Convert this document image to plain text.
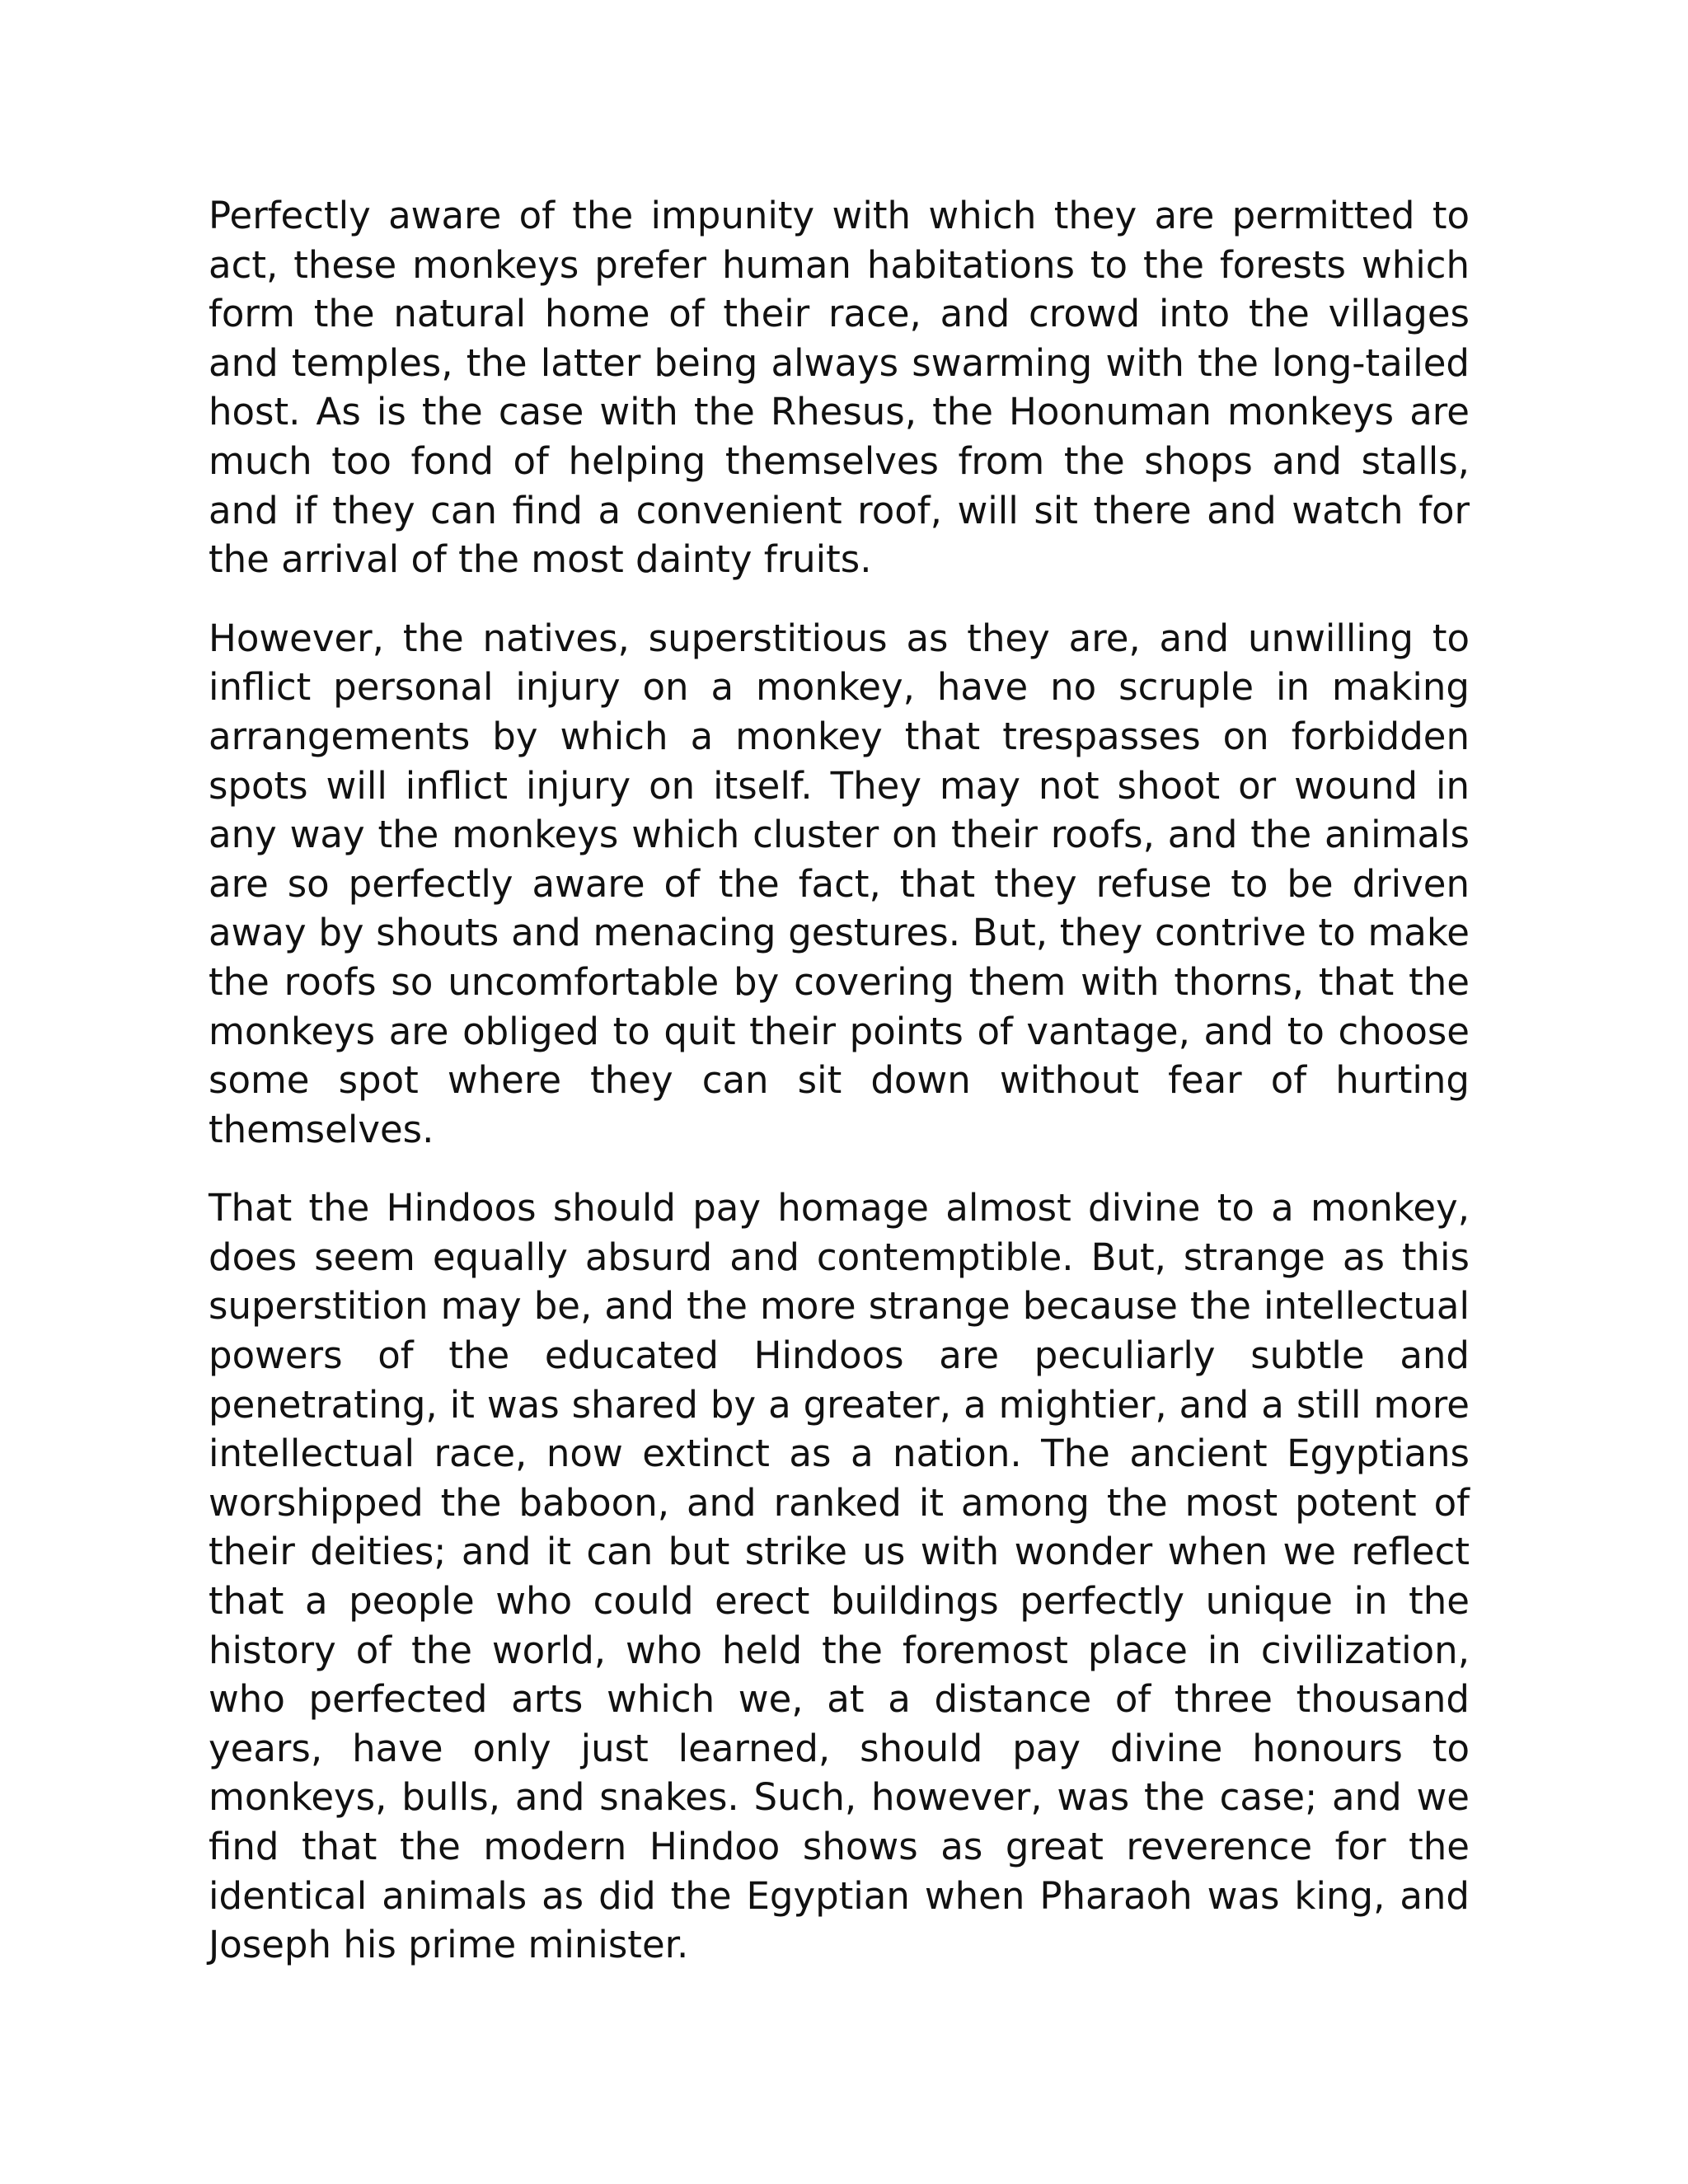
Perfectly aware of the impunity with which they are permitted to act, these monkeys prefer human habitations to the forests which form the natural home of their race, and crowd into the villages and temples, the latter being always swarming with the long-tailed host. As is the case with the Rhesus, the Hoonuman monkeys are much too fond of helping themselves from the shops and stalls, and if they can find a convenient roof, will sit there and watch for the arrival of the most dainty fruits.

However, the natives, superstitious as they are, and unwilling to inflict personal injury on a monkey, have no scruple in making arrangements by which a monkey that trespasses on forbidden spots will inflict injury on itself. They may not shoot or wound in any way the monkeys which cluster on their roofs, and the animals are so perfectly aware of the fact, that they refuse to be driven away by shouts and menacing gestures. But, they contrive to make the roofs so uncomfortable by covering them with thorns, that the monkeys are obliged to quit their points of vantage, and to choose some spot where they can sit down without fear of hurting themselves.

That the Hindoos should pay homage almost divine to a monkey, does seem equally absurd and contemptible. But, strange as this superstition may be, and the more strange because the intellectual powers of the educated Hindoos are peculiarly subtle and penetrating, it was shared by a greater, a mightier, and a still more intellectual race, now extinct as a nation. The ancient Egyptians worshipped the baboon, and ranked it among the most potent of their deities; and it can but strike us with wonder when we reflect that a people who could erect buildings perfectly unique in the history of the world, who held the foremost place in civilization, who perfected arts which we, at a distance of three thousand years, have only just learned, should pay divine honours to monkeys, bulls, and snakes. Such, however, was the case; and we find that the modern Hindoo shows as great reverence for the identical animals as did the Egyptian when Pharaoh was king, and Joseph his prime minister.
